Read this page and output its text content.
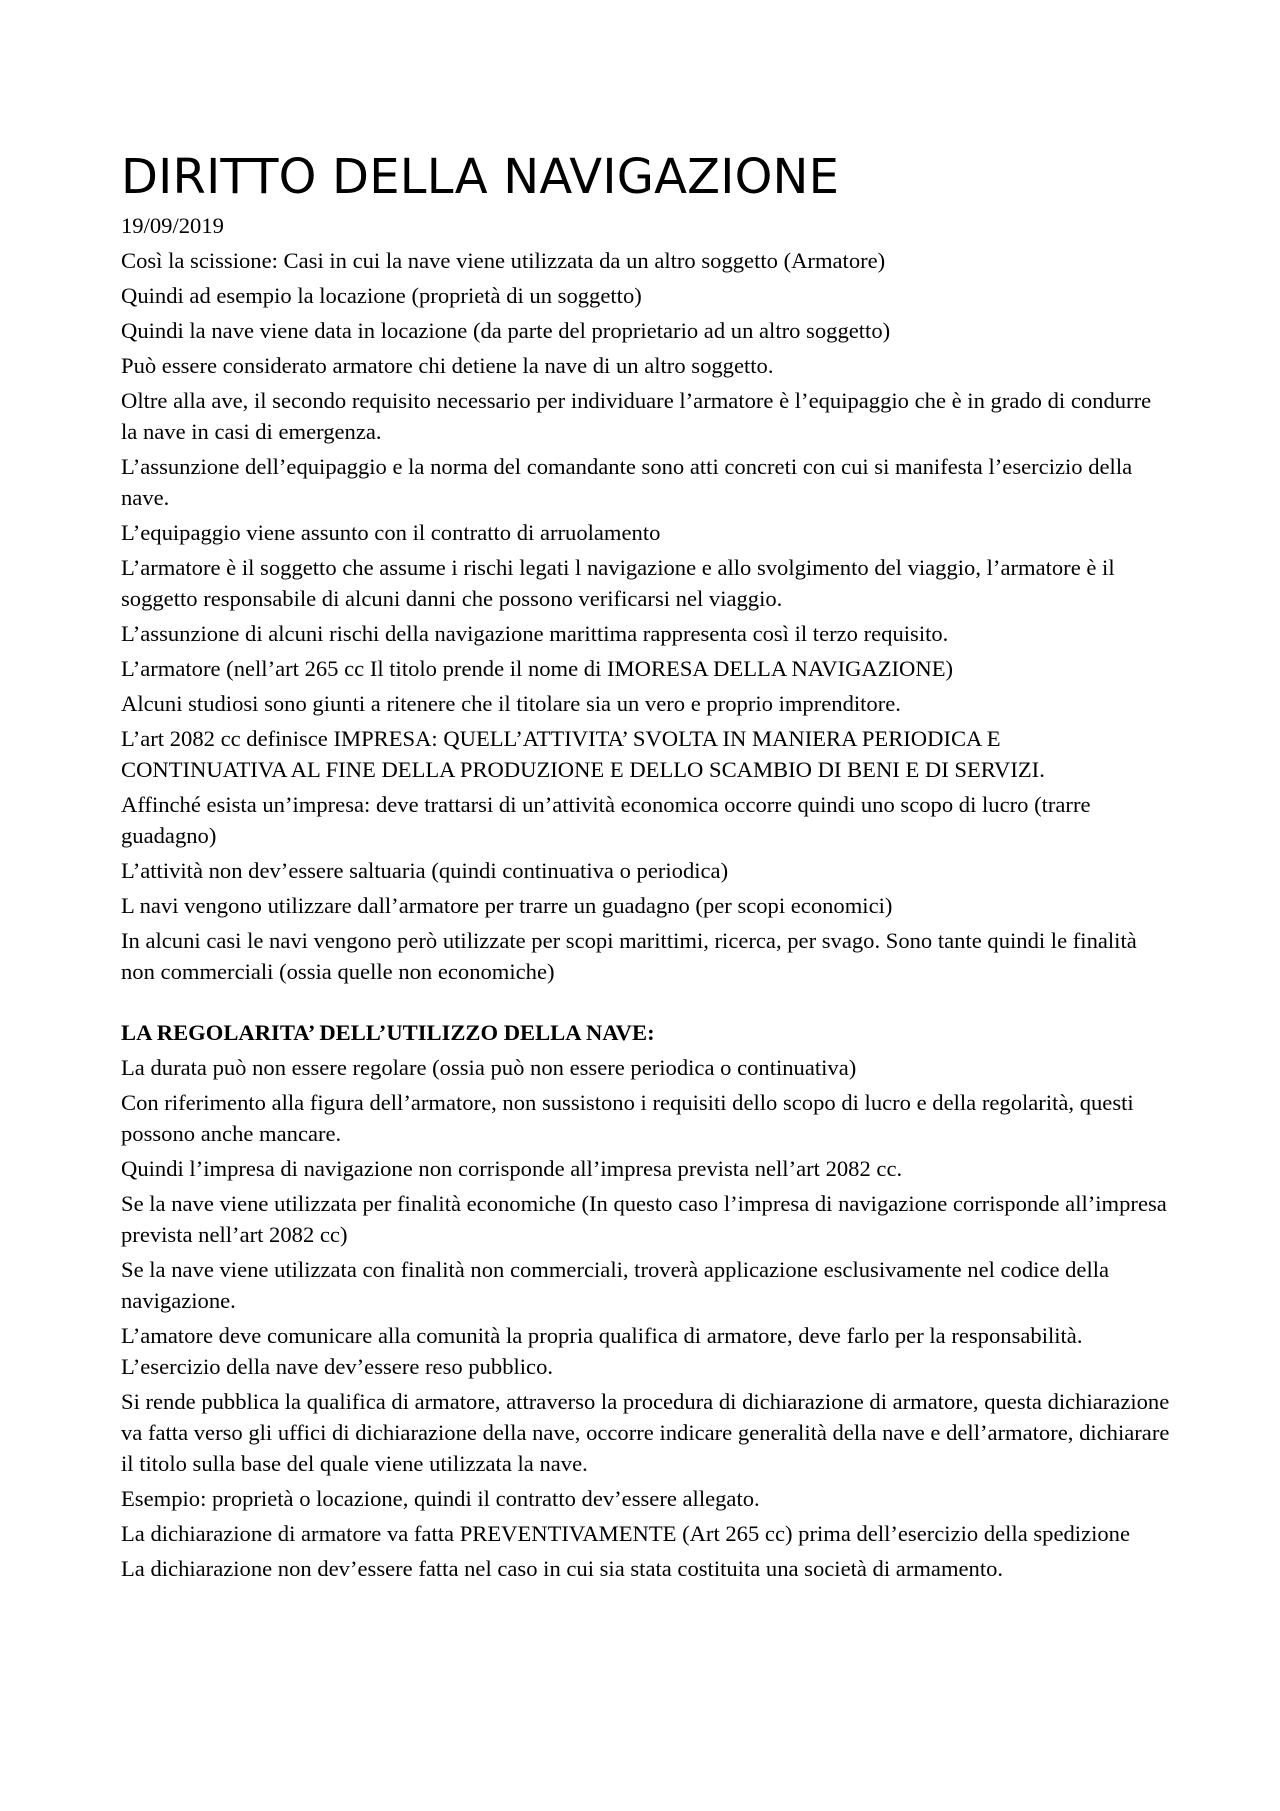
DIRITTO DELLA NAVIGAZIONE

19/09/2019

Così la scissione: Casi in cui la nave viene utilizzata da un altro soggetto (Armatore)

Quindi ad esempio la locazione (proprietà di un soggetto)

Quindi la nave viene data in locazione (da parte del proprietario ad un altro soggetto)

Può essere considerato armatore chi detiene la nave di un altro soggetto.

Oltre alla ave, il secondo requisito necessario per individuare l’armatore è l’equipaggio che è in grado di condurre la nave in casi di emergenza.

L’assunzione dell’equipaggio e la norma del comandante sono atti concreti con cui si manifesta l’esercizio della nave.

L’equipaggio viene assunto con il contratto di arruolamento

L’armatore è il soggetto che assume i rischi legati l navigazione e allo svolgimento del viaggio, l’armatore è il soggetto responsabile di alcuni danni che possono verificarsi nel viaggio.

L’assunzione di alcuni rischi della navigazione marittima rappresenta così il terzo requisito.

L’armatore (nell’art 265 cc Il titolo prende il nome di IMORESA DELLA NAVIGAZIONE)

Alcuni studiosi sono giunti a ritenere che il titolare sia un vero e proprio imprenditore.

L’art 2082 cc definisce IMPRESA: QUELL’ATTIVITA’ SVOLTA IN MANIERA PERIODICA E CONTINUATIVA AL FINE DELLA PRODUZIONE E DELLO SCAMBIO DI BENI E DI SERVIZI.

Affinché esista un’impresa: deve trattarsi di un’attività economica occorre quindi uno scopo di lucro (trarre guadagno)

L’attività non dev’essere saltuaria (quindi continuativa o periodica)

L navi vengono utilizzare dall’armatore per trarre un guadagno (per scopi economici)

In alcuni casi le navi vengono però utilizzate per scopi marittimi, ricerca, per svago. Sono tante quindi le finalità non commerciali (ossia quelle non economiche)

LA REGOLARITA’ DELL’UTILIZZO DELLA NAVE:

La durata può non essere regolare (ossia può non essere periodica o continuativa)

Con riferimento alla figura dell’armatore, non sussistono i requisiti dello scopo di lucro e della regolarità, questi possono anche mancare.

Quindi l’impresa di navigazione non corrisponde all’impresa prevista nell’art 2082 cc.

Se la nave viene utilizzata per finalità economiche (In questo caso l’impresa di navigazione corrisponde all’impresa prevista nell’art 2082 cc)

Se la nave viene utilizzata con finalità non commerciali, troverà applicazione esclusivamente nel codice della navigazione.

L’amatore deve comunicare alla comunità la propria qualifica di armatore, deve farlo per la responsabilità. L’esercizio della nave dev’essere reso pubblico.

Si rende pubblica la qualifica di armatore, attraverso la procedura di dichiarazione di armatore, questa dichiarazione va fatta verso gli uffici di dichiarazione della nave, occorre indicare generalità della nave e dell’armatore, dichiarare il titolo sulla base del quale viene utilizzata la nave.

Esempio: proprietà o locazione, quindi il contratto dev’essere allegato.

La dichiarazione di armatore va fatta PREVENTIVAMENTE (Art 265 cc) prima dell’esercizio della spedizione

La dichiarazione non dev’essere fatta nel caso in cui sia stata costituita una società di armamento.
